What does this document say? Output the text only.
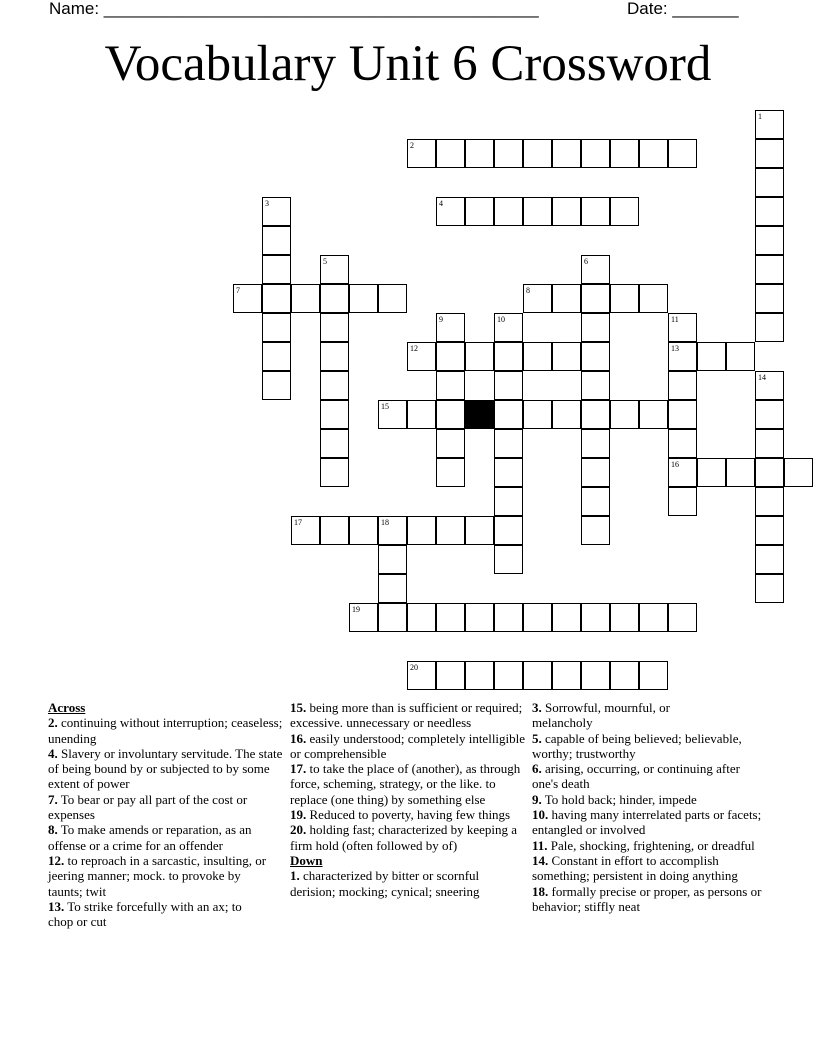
Name: ______________________________________________	Date: _______
Vocabulary Unit 6 Crossword
1
2
3	4
5	6
7	8
9	10	11
13
16
12
14
15
17	18
19
20
Across
2. continuing without interruption; ceaseless; unending
4. Slavery or involuntary servitude. The state of being bound by or subjected to by some extent of power
7. To bear or pay all part of the cost or expenses
8. To make amends or reparation, as an offense or a crime for an offender
12. to reproach in a sarcastic, insulting, or jeering manner; mock. to provoke by taunts; twit
13. To strike forcefully with an ax; to chop or cut
15. being more than is sufficient or required; excessive. unnecessary or needless
16. easily understood; completely intelligible or comprehensible
17. to take the place of (another), as through force, scheming, strategy, or the like. to replace (one thing) by something else
19. Reduced to poverty, having few things
20. holding fast; characterized by keeping a firm hold (often followed by of)
Down
1. characterized by bitter or scornful derision; mocking; cynical; sneering
3. Sorrowful, mournful, or melancholy
5. capable of being believed; believable, worthy; trustworthy
6. arising, occurring, or continuing after one's death
9. To hold back; hinder, impede
10. having many interrelated parts or facets; entangled or involved
11. Pale, shocking, frightening, or dreadful
14. Constant in effort to accomplish something; persistent in doing anything
18. formally precise or proper, as persons or behavior; stiffly neat
